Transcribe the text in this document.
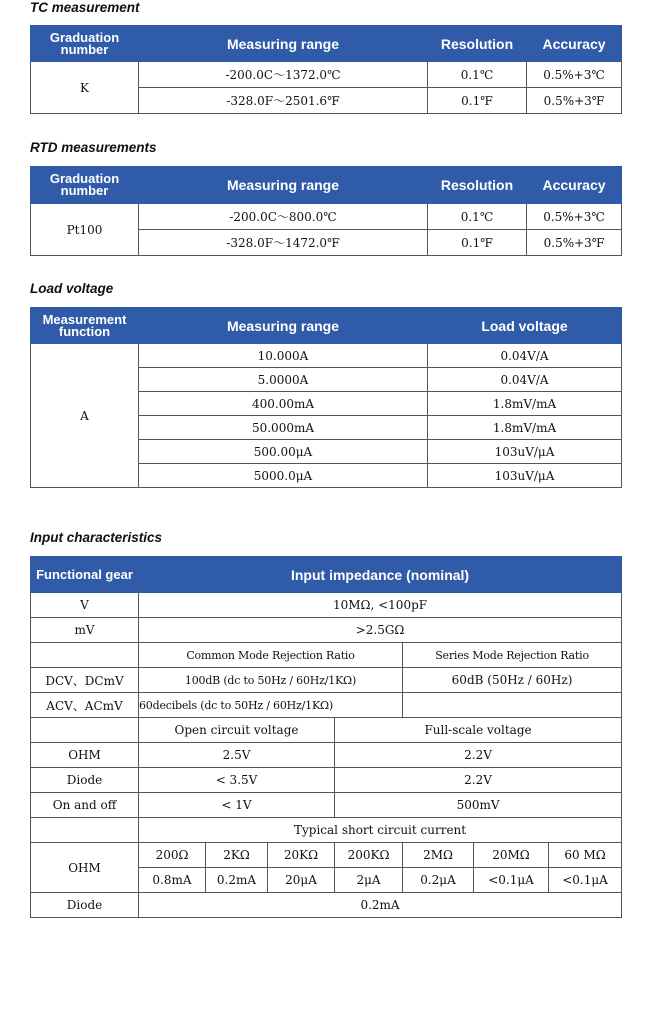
TC measurement
Graduation number	Measuring range	Resolution	Accuracy
K	-200.0C～1372.0℃	0.1℃	0.5%+3℃
	-328.0F～2501.6℉	0.1℉	0.5%+3℉
RTD measurements
Graduation number	Measuring range	Resolution	Accuracy
Pt100	-200.0C～800.0℃	0.1℃	0.5%+3℃
	-328.0F～1472.0℉	0.1℉	0.5%+3℉
Load voltage
Measurement function	Measuring range	Load voltage
A	10.000A	0.04V/A
	5.0000A	0.04V/A
	400.00mA	1.8mV/mA
	50.000mA	1.8mV/mA
	500.00μA	103uV/μA
	5000.0μA	103uV/μA
Input characteristics
Functional gear	Input impedance (nominal)						
V	10MΩ, <100pF						
mV	>2.5GΩ						
	Common Mode Rejection Ratio				Series Mode Rejection Ratio		
DCV、DCmV	100dB (dc to 50Hz / 60Hz/1KΩ)				60dB (50Hz / 60Hz)		
ACV、ACmV	60decibels (dc to 50Hz / 60Hz/1KΩ)						
	Open circuit voltage			Full-scale voltage			
OHM	2.5V			2.2V			
Diode	< 3.5V			2.2V			
On and off	< 1V			500mV			
	Typical short circuit current						
OHM	200Ω	2KΩ	20KΩ	200KΩ	2MΩ	20MΩ	60 MΩ
	0.8mA	0.2mA	20μA	2μA	0.2μA	<0.1μA	<0.1μA
Diode	0.2mA						
